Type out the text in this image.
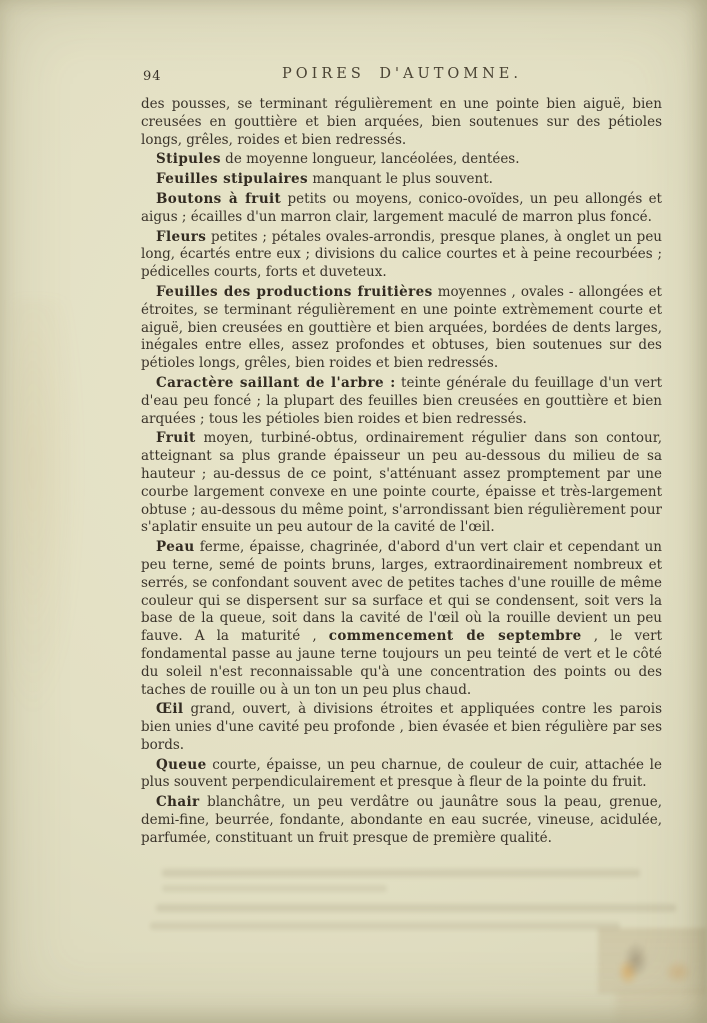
94	POIRES D'AUTOMNE.

des pousses, se terminant régulièrement en une pointe bien aiguë, bien creusées en gouttière et bien arquées, bien soutenues sur des pétioles longs, grêles, roides et bien redressés.

Stipules de moyenne longueur, lancéolées, dentées.

Feuilles stipulaires manquant le plus souvent.

Boutons à fruit petits ou moyens, conico-ovoïdes, un peu allongés et aigus ; écailles d'un marron clair, largement maculé de marron plus foncé.

Fleurs petites ; pétales ovales-arrondis, presque planes, à onglet un peu long, écartés entre eux ; divisions du calice courtes et à peine recourbées ; pédicelles courts, forts et duveteux.

Feuilles des productions fruitières moyennes , ovales - allongées et étroites, se terminant régulièrement en une pointe extrèmement courte et aiguë, bien creusées en gouttière et bien arquées, bordées de dents larges, inégales entre elles, assez profondes et obtuses, bien soutenues sur des pétioles longs, grêles, bien roides et bien redressés.

Caractère saillant de l'arbre : teinte générale du feuillage d'un vert d'eau peu foncé ; la plupart des feuilles bien creusées en gouttière et bien arquées ; tous les pétioles bien roides et bien redressés.

Fruit moyen, turbiné-obtus, ordinairement régulier dans son contour, atteignant sa plus grande épaisseur un peu au-dessous du milieu de sa hauteur ; au-dessus de ce point, s'atténuant assez promptement par une courbe largement convexe en une pointe courte, épaisse et très-largement obtuse ; au-dessous du même point, s'arrondissant bien régulièrement pour s'aplatir ensuite un peu autour de la cavité de l'œil.

Peau ferme, épaisse, chagrinée, d'abord d'un vert clair et cependant un peu terne, semé de points bruns, larges, extraordinairement nombreux et serrés, se confondant souvent avec de petites taches d'une rouille de même couleur qui se dispersent sur sa surface et qui se condensent, soit vers la base de la queue, soit dans la cavité de l'œil où la rouille devient un peu fauve. A la maturité , commencement de septembre , le vert fondamental passe au jaune terne toujours un peu teinté de vert et le côté du soleil n'est reconnaissable qu'à une concentration des points ou des taches de rouille ou à un ton un peu plus chaud.

Œil grand, ouvert, à divisions étroites et appliquées contre les parois bien unies d'une cavité peu profonde , bien évasée et bien régulière par ses bords.

Queue courte, épaisse, un peu charnue, de couleur de cuir, attachée le plus souvent perpendiculairement et presque à fleur de la pointe du fruit.

Chair blanchâtre, un peu verdâtre ou jaunâtre sous la peau, grenue, demi-fine, beurrée, fondante, abondante en eau sucrée, vineuse, acidulée, parfumée, constituant un fruit presque de première qualité.
